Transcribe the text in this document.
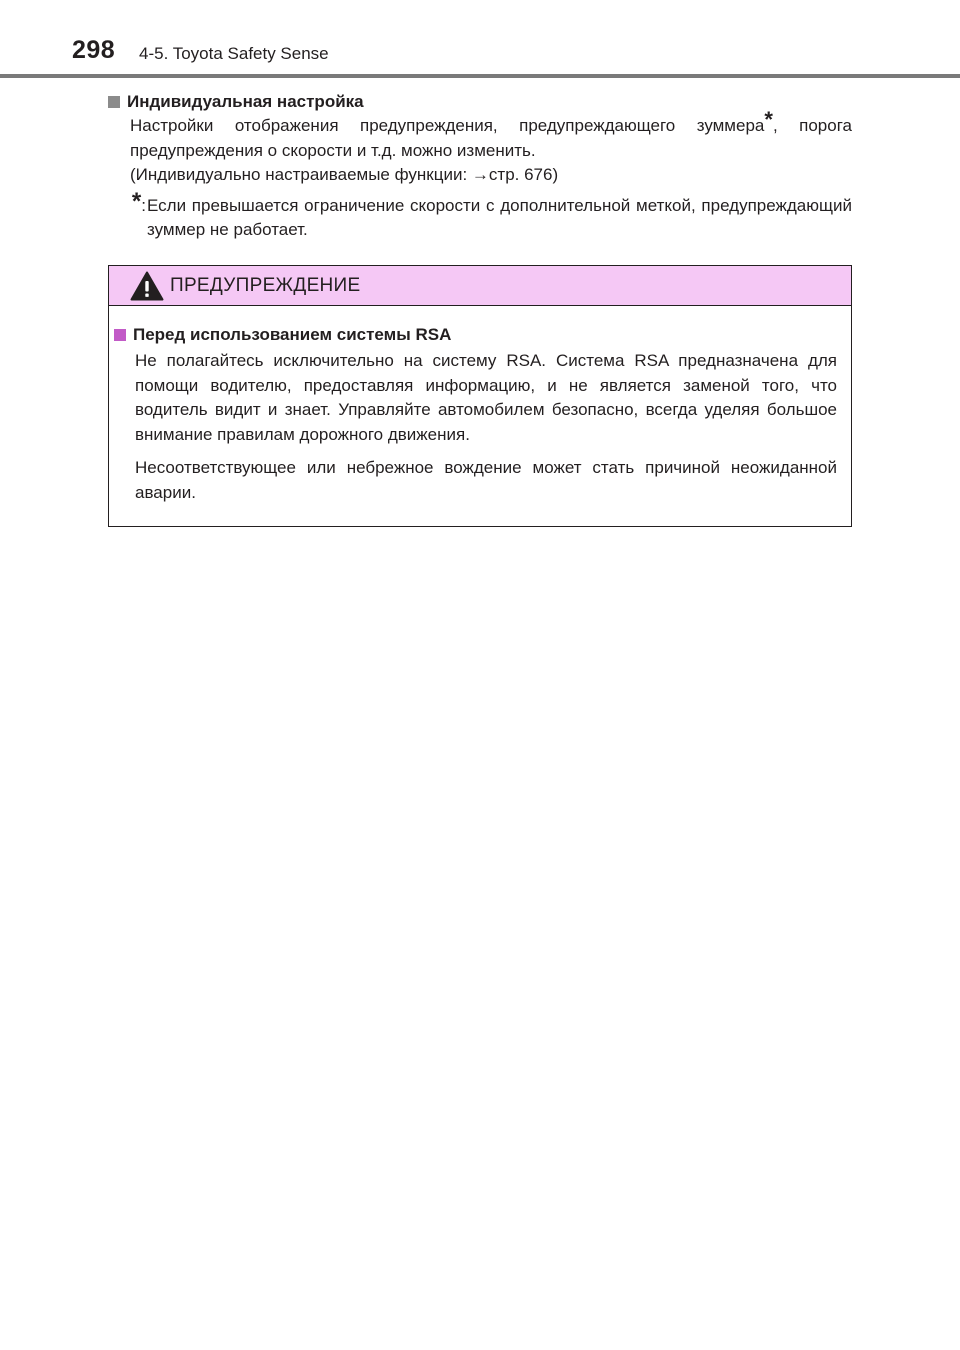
298 4-5. Toyota Safety Sense
Индивидуальная настройка
Настройки отображения предупреждения, предупреждающего зуммера*, порога предупреждения о скорости и т.д. можно изменить.
(Индивидуально настраиваемые функции: →стр. 676)
*: Если превышается ограничение скорости с дополнительной меткой, предупреждающий зуммер не работает.
ПРЕДУПРЕЖДЕНИЕ
Перед использованием системы RSA
Не полагайтесь исключительно на систему RSA. Система RSA предназначена для помощи водителю, предоставляя информацию, и не является заменой того, что водитель видит и знает. Управляйте автомобилем безопасно, всегда уделяя большое внимание правилам дорожного движения.
Несоответствующее или небрежное вождение может стать причиной неожиданной аварии.
